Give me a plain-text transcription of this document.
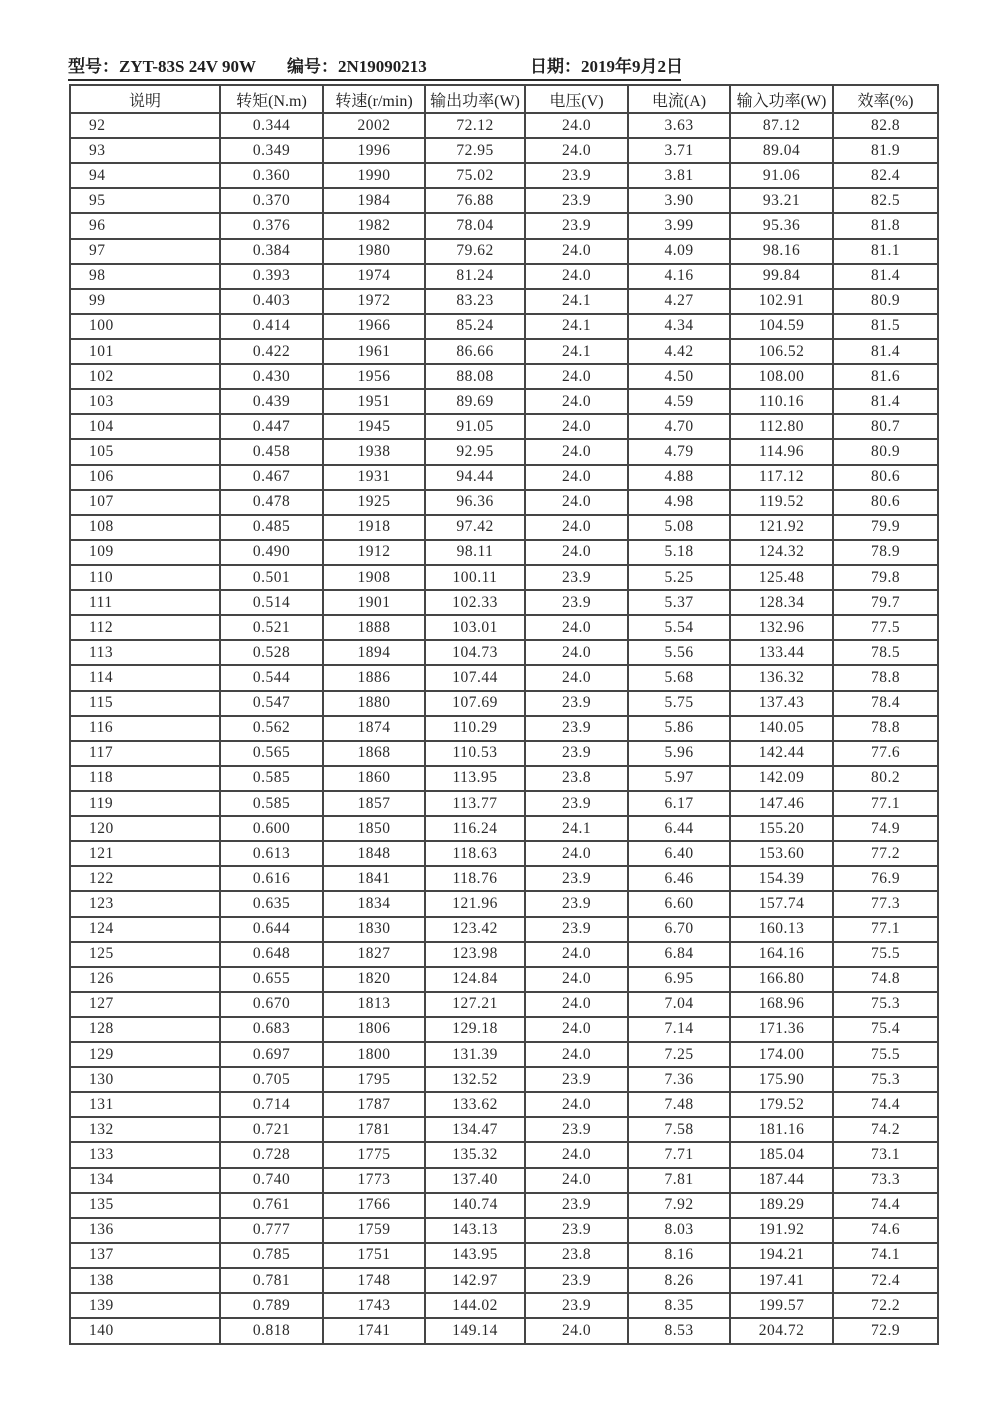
型号：ZYT-83S 24V 90W 编号：2N19090213	日期：2019年9月2日
说明	转矩(N.m)	转速(r/min)	输出功率(W)	电压(V)	电流(A)	输入功率(W)	效率(%)
92	0.344	2002	72.12	24.0	3.63	87.12	82.8
93	0.349	1996	72.95	24.0	3.71	89.04	81.9
94	0.360	1990	75.02	23.9	3.81	91.06	82.4
95	0.370	1984	76.88	23.9	3.90	93.21	82.5
96	0.376	1982	78.04	23.9	3.99	95.36	81.8
97	0.384	1980	79.62	24.0	4.09	98.16	81.1
98	0.393	1974	81.24	24.0	4.16	99.84	81.4
99	0.403	1972	83.23	24.1	4.27	102.91	80.9
100	0.414	1966	85.24	24.1	4.34	104.59	81.5
101	0.422	1961	86.66	24.1	4.42	106.52	81.4
102	0.430	1956	88.08	24.0	4.50	108.00	81.6
103	0.439	1951	89.69	24.0	4.59	110.16	81.4
104	0.447	1945	91.05	24.0	4.70	112.80	80.7
105	0.458	1938	92.95	24.0	4.79	114.96	80.9
106	0.467	1931	94.44	24.0	4.88	117.12	80.6
107	0.478	1925	96.36	24.0	4.98	119.52	80.6
108	0.485	1918	97.42	24.0	5.08	121.92	79.9
109	0.490	1912	98.11	24.0	5.18	124.32	78.9
110	0.501	1908	100.11	23.9	5.25	125.48	79.8
111	0.514	1901	102.33	23.9	5.37	128.34	79.7
112	0.521	1888	103.01	24.0	5.54	132.96	77.5
113	0.528	1894	104.73	24.0	5.56	133.44	78.5
114	0.544	1886	107.44	24.0	5.68	136.32	78.8
115	0.547	1880	107.69	23.9	5.75	137.43	78.4
116	0.562	1874	110.29	23.9	5.86	140.05	78.8
117	0.565	1868	110.53	23.9	5.96	142.44	77.6
118	0.585	1860	113.95	23.8	5.97	142.09	80.2
119	0.585	1857	113.77	23.9	6.17	147.46	77.1
120	0.600	1850	116.24	24.1	6.44	155.20	74.9
121	0.613	1848	118.63	24.0	6.40	153.60	77.2
122	0.616	1841	118.76	23.9	6.46	154.39	76.9
123	0.635	1834	121.96	23.9	6.60	157.74	77.3
124	0.644	1830	123.42	23.9	6.70	160.13	77.1
125	0.648	1827	123.98	24.0	6.84	164.16	75.5
126	0.655	1820	124.84	24.0	6.95	166.80	74.8
127	0.670	1813	127.21	24.0	7.04	168.96	75.3
128	0.683	1806	129.18	24.0	7.14	171.36	75.4
129	0.697	1800	131.39	24.0	7.25	174.00	75.5
130	0.705	1795	132.52	23.9	7.36	175.90	75.3
131	0.714	1787	133.62	24.0	7.48	179.52	74.4
132	0.721	1781	134.47	23.9	7.58	181.16	74.2
133	0.728	1775	135.32	24.0	7.71	185.04	73.1
134	0.740	1773	137.40	24.0	7.81	187.44	73.3
135	0.761	1766	140.74	23.9	7.92	189.29	74.4
136	0.777	1759	143.13	23.9	8.03	191.92	74.6
137	0.785	1751	143.95	23.8	8.16	194.21	74.1
138	0.781	1748	142.97	23.9	8.26	197.41	72.4
139	0.789	1743	144.02	23.9	8.35	199.57	72.2
140	0.818	1741	149.14	24.0	8.53	204.72	72.9
